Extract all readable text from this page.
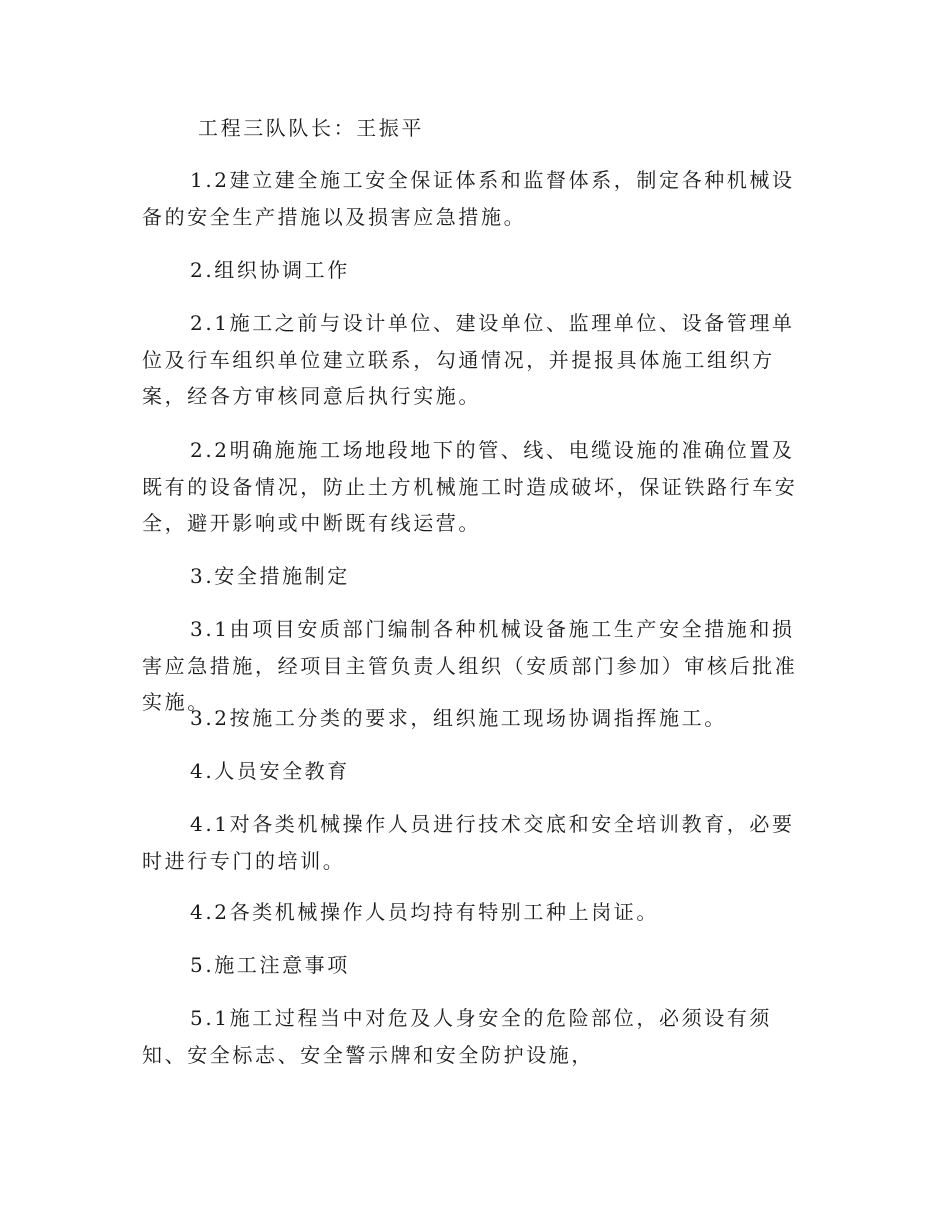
工程三队队长：王振平

1.2建立建全施工安全保证体系和监督体系，制定各种机械设备的安全生产措施以及损害应急措施。

2.组织协调工作

2.1施工之前与设计单位、建设单位、监理单位、设备管理单位及行车组织单位建立联系，勾通情况，并提报具体施工组织方案，经各方审核同意后执行实施。

2.2明确施施工场地段地下的管、线、电缆设施的准确位置及既有的设备情况，防止土方机械施工时造成破坏，保证铁路行车安全，避开影响或中断既有线运营。

3.安全措施制定

3.1由项目安质部门编制各种机械设备施工生产安全措施和损害应急措施，经项目主管负责人组织（安质部门参加）审核后批准实施。

3.2按施工分类的要求，组织施工现场协调指挥施工。

4.人员安全教育

4.1对各类机械操作人员进行技术交底和安全培训教育，必要时进行专门的培训。

4.2各类机械操作人员均持有特别工种上岗证。

5.施工注意事项

5.1施工过程当中对危及人身安全的危险部位，必须设有须知、安全标志、安全警示牌和安全防护设施，
